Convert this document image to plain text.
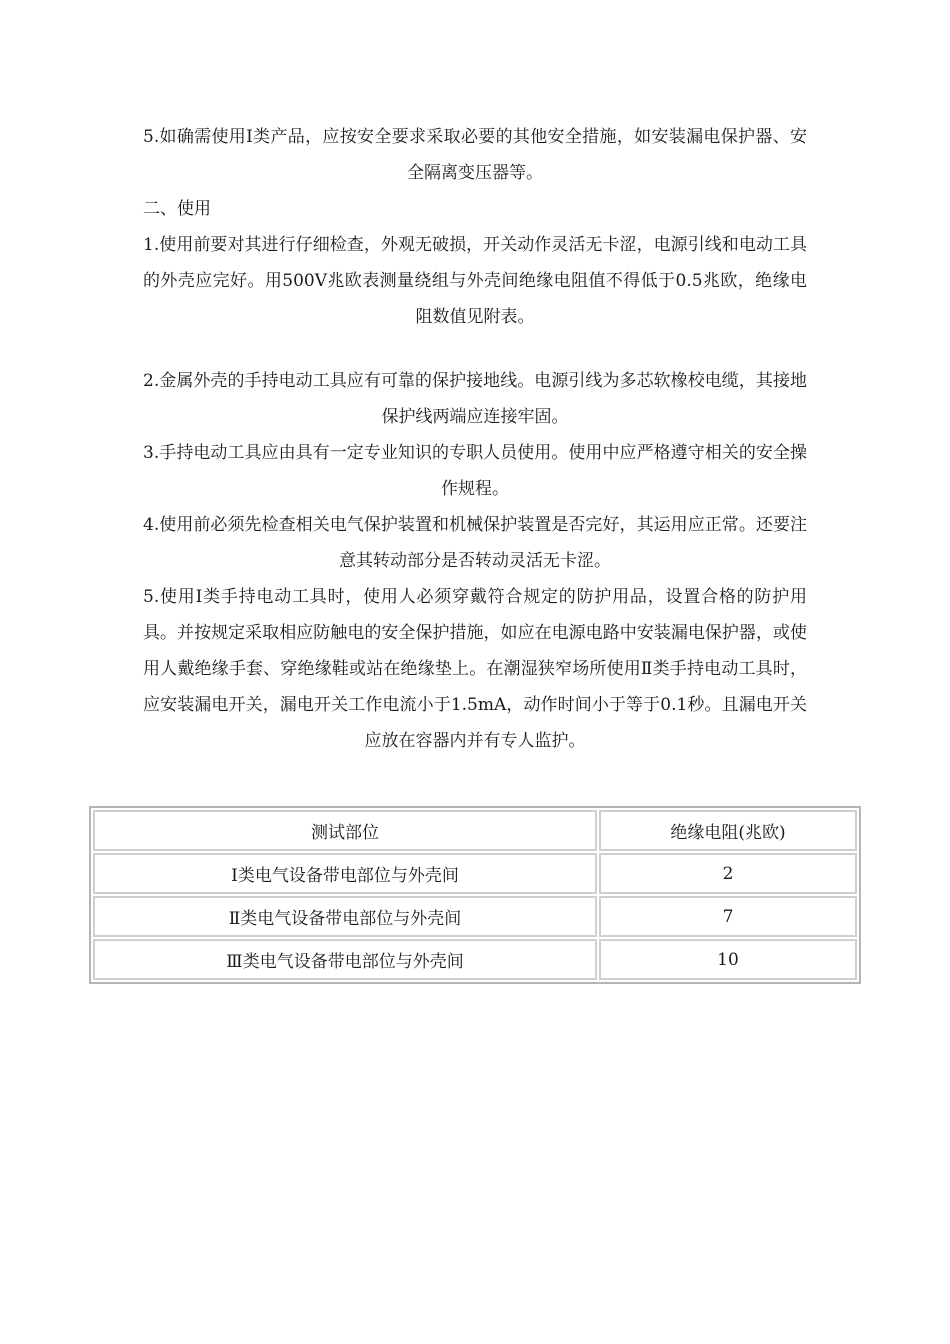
5.如确需使用Ⅰ类产品，应按安全要求采取必要的其他安全措施，如安装漏电保护器、安全隔离变压器等。

二、使用

1.使用前要对其进行仔细检查，外观无破损，开关动作灵活无卡涩，电源引线和电动工具的外壳应完好。用500V兆欧表测量绕组与外壳间绝缘电阻值不得低于0.5兆欧，绝缘电阻数值见附表。

2.金属外壳的手持电动工具应有可靠的保护接地线。电源引线为多芯软橡校电缆，其接地保护线两端应连接牢固。

3.手持电动工具应由具有一定专业知识的专职人员使用。使用中应严格遵守相关的安全操作规程。

4.使用前必须先检查相关电气保护装置和机械保护装置是否完好，其运用应正常。还要注意其转动部分是否转动灵活无卡涩。

5.使用Ⅰ类手持电动工具时，使用人必须穿戴符合规定的防护用品，设置合格的防护用具。并按规定采取相应防触电的安全保护措施，如应在电源电路中安装漏电保护器，或使用人戴绝缘手套、穿绝缘鞋或站在绝缘垫上。在潮湿狭窄场所使用Ⅱ类手持电动工具时，应安装漏电开关，漏电开关工作电流小于1.5mA，动作时间小于等于0.1秒。且漏电开关应放在容器内并有专人监护。

测试部位	绝缘电阻(兆欧)
Ⅰ类电气设备带电部位与外壳间	2
Ⅱ类电气设备带电部位与外壳间	7
Ⅲ类电气设备带电部位与外壳间	10
